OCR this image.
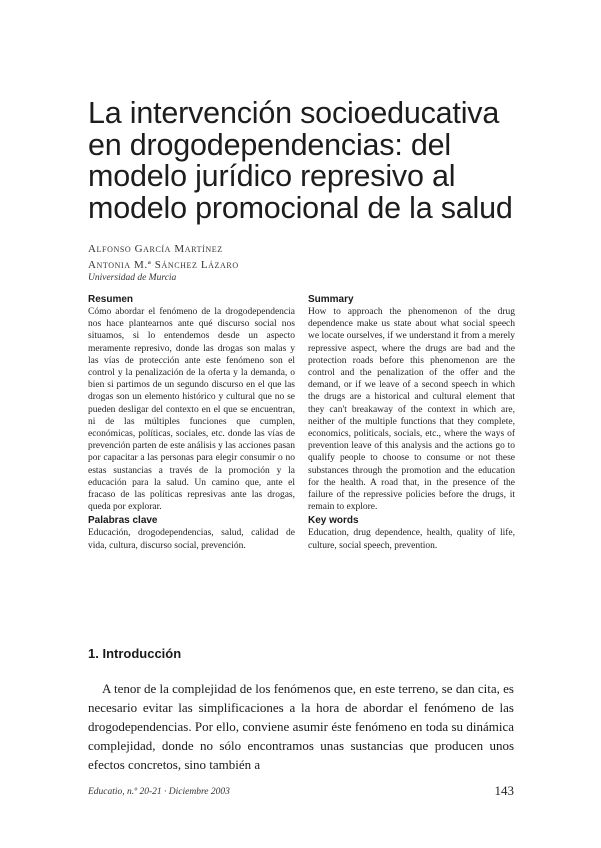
La intervención socioeducativa
en drogodependencias: del
modelo jurídico represivo al
modelo promocional de la salud
Alfonso García Martínez
Antonia M.ª Sánchez Lázaro
Universidad de Murcia
Resumen

Cómo abordar el fenómeno de la drogodependencia nos hace plantearnos ante qué discurso social nos situamos, si lo entendemos desde un aspecto meramente represivo, donde las drogas son malas y las vías de protección ante este fenómeno son el control y la penalización de la oferta y la demanda, o bien si partimos de un segundo discurso en el que las drogas son un elemento histórico y cultural que no se pueden desligar del contexto en el que se encuentran, ni de las múltiples funciones que cumplen, económicas, políticas, sociales, etc. donde las vías de prevención parten de este análisis y las acciones pasan por capacitar a las personas para elegir consumir o no estas sustancias a través de la promoción y la educación para la salud. Un camino que, ante el fracaso de las políticas represivas ante las drogas, queda por explorar.

Palabras clave

Educación, drogodependencias, salud, calidad de vida, cultura, discurso social, prevención.

Summary

How to approach the phenomenon of the drug dependence make us state about what social speech we locate ourselves, if we understand it from a merely repressive aspect, where the drugs are bad and the protection roads before this phenomenon are the control and the penalization of the offer and the demand, or if we leave of a second speech in which the drugs are a historical and cultural element that they can't breakaway of the context in which are, neither of the multiple functions that they complete, economics, politicals, socials, etc., where the ways of prevention leave of this analysis and the actions go to qualify people to choose to consume or not these substances through the promotion and the education for the health. A road that, in the presence of the failure of the repressive policies before the drugs, it remain to explore.

Key words

Education, drug dependence, health, quality of life, culture, social speech, prevention.

1. Introducción

A tenor de la complejidad de los fenómenos que, en este terreno, se dan cita, es necesario evitar las simplificaciones a la hora de abordar el fenómeno de las drogodependencias. Por ello, conviene asumir éste fenómeno en toda su dinámica complejidad, donde no sólo encontramos unas sustancias que producen unos efectos concretos, sino también a

Educatio, n.º 20-21 · Diciembre 2003	143
